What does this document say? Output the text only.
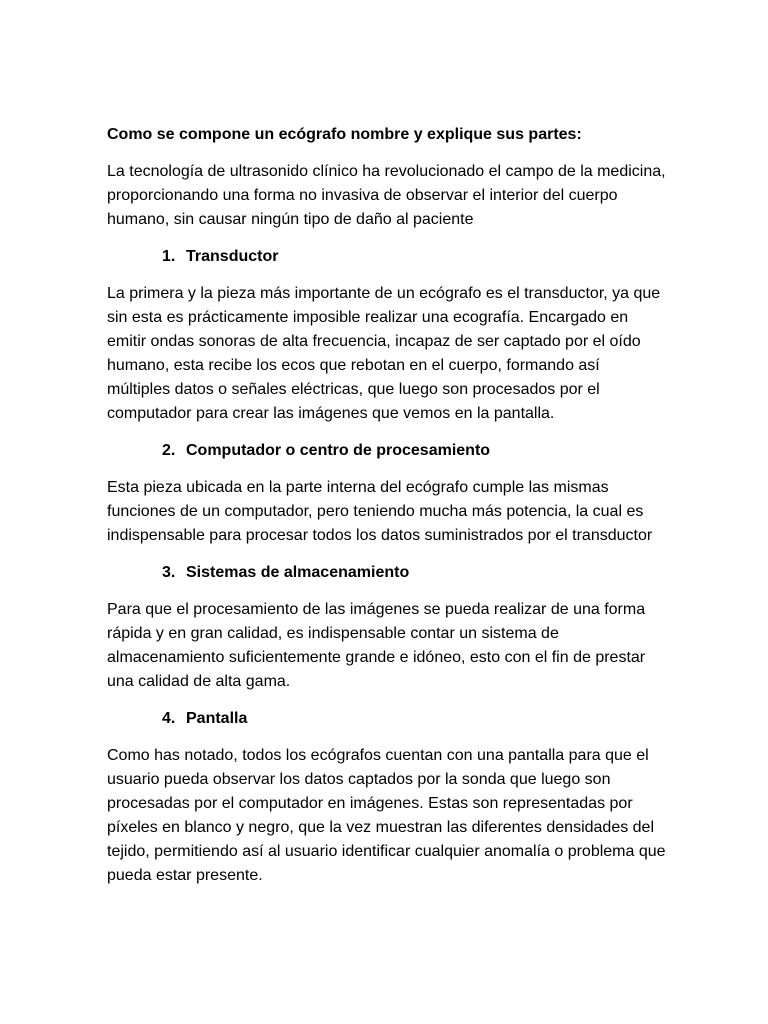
Como se compone un ecógrafo nombre y explique sus partes:
La tecnología de ultrasonido clínico ha revolucionado el campo de la medicina, proporcionando una forma no invasiva de observar el interior del cuerpo humano, sin causar ningún tipo de daño al paciente
1. Transductor
La primera y la pieza más importante de un ecógrafo es el transductor, ya que sin esta es prácticamente imposible realizar una ecografía. Encargado en emitir ondas sonoras de alta frecuencia, incapaz de ser captado por el oído humano, esta recibe los ecos que rebotan en el cuerpo, formando así múltiples datos o señales eléctricas, que luego son procesados por el computador para crear las imágenes que vemos en la pantalla.
2. Computador o centro de procesamiento
Esta pieza ubicada en la parte interna del ecógrafo cumple las mismas funciones de un computador, pero teniendo mucha más potencia, la cual es indispensable para procesar todos los datos suministrados por el transductor
3. Sistemas de almacenamiento
Para que el procesamiento de las imágenes se pueda realizar de una forma rápida y en gran calidad, es indispensable contar un sistema de almacenamiento suficientemente grande e idóneo, esto con el fin de prestar una calidad de alta gama.
4. Pantalla
Como has notado, todos los ecógrafos cuentan con una pantalla para que el usuario pueda observar los datos captados por la sonda que luego son procesadas por el computador en imágenes. Estas son representadas por píxeles en blanco y negro, que la vez muestran las diferentes densidades del tejido, permitiendo así al usuario identificar cualquier anomalía o problema que pueda estar presente.
